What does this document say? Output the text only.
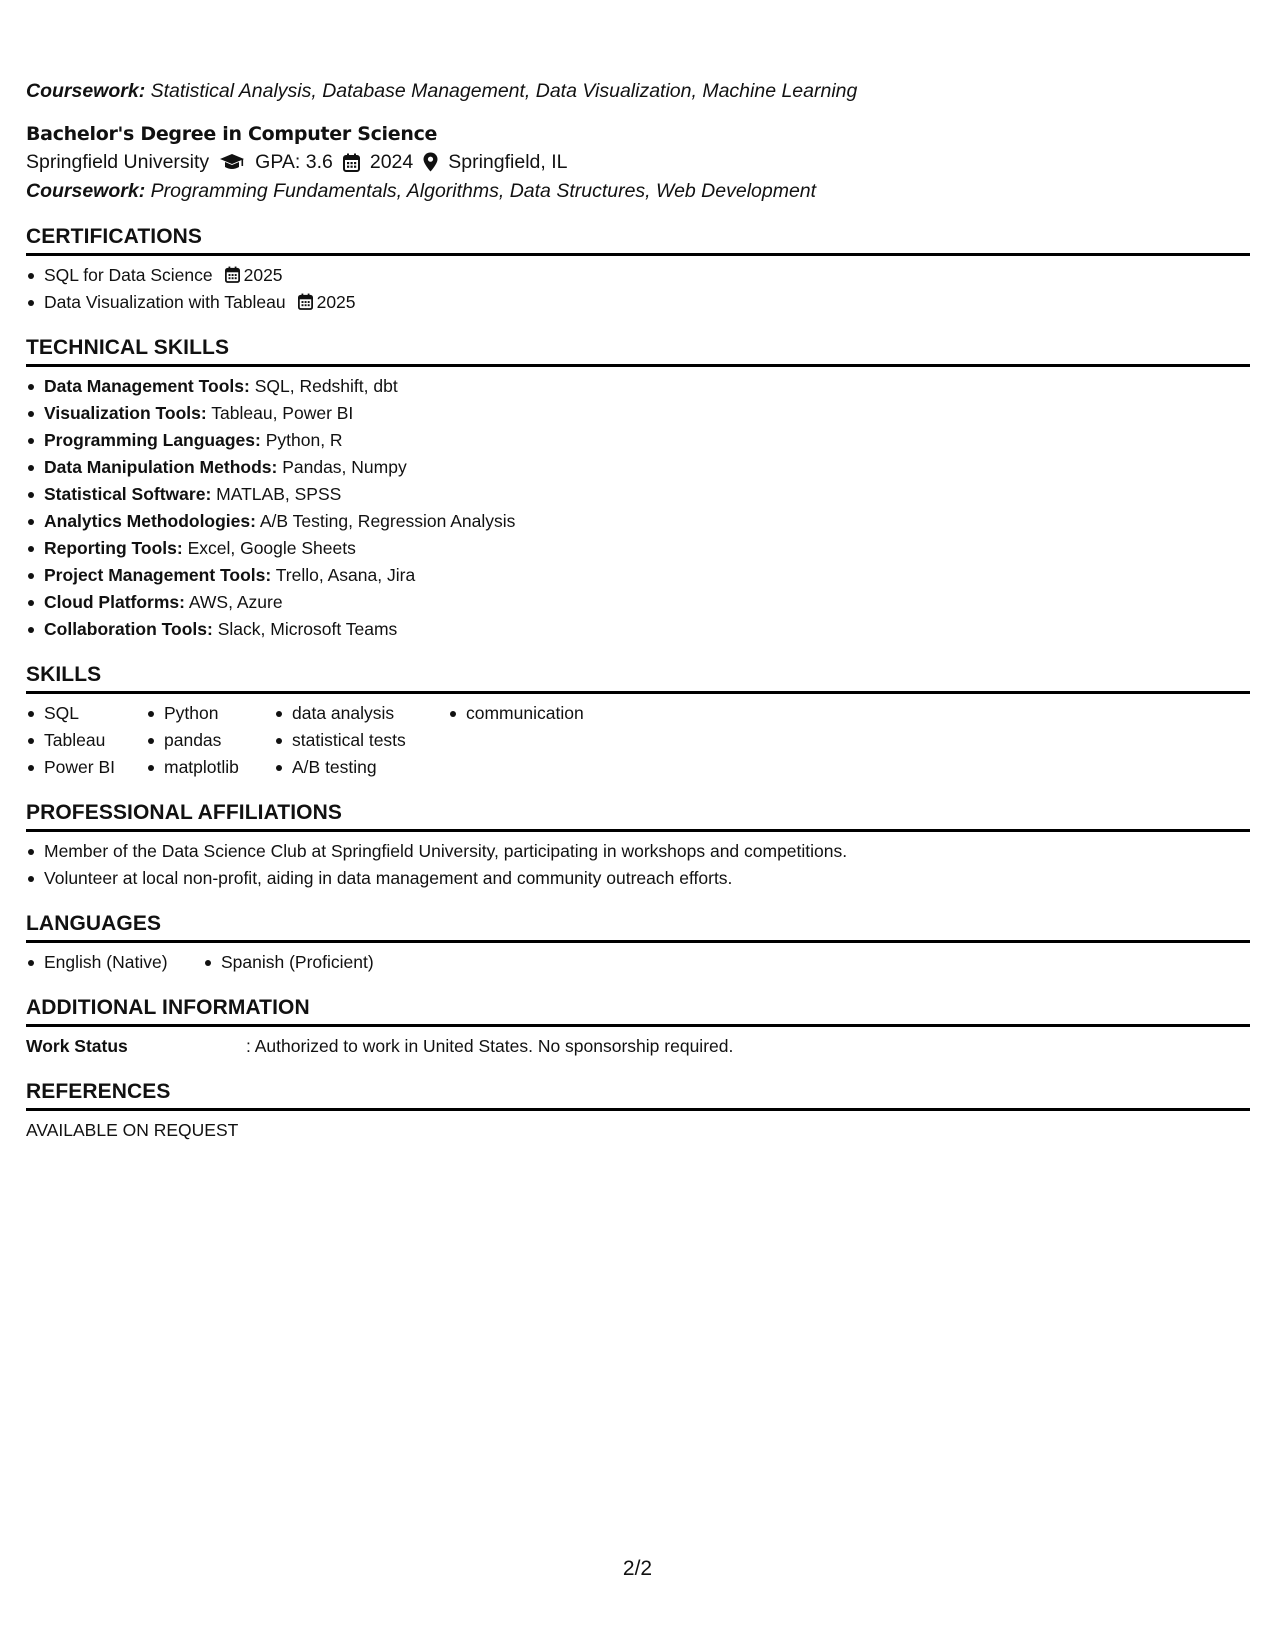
Coursework: Statistical Analysis, Database Management, Data Visualization, Machine Learning

Bachelor's Degree in Computer Science
Springfield University GPA: 3.6 2024 Springfield, IL

Coursework: Programming Fundamentals, Algorithms, Data Structures, Web Development

CERTIFICATIONS
SQL for Data Science 2025
Data Visualization with Tableau 2025
TECHNICAL SKILLS
Data Management Tools: SQL, Redshift, dbt
Visualization Tools: Tableau, Power BI
Programming Languages: Python, R
Data Manipulation Methods: Pandas, Numpy
Statistical Software: MATLAB, SPSS
Analytics Methodologies: A/B Testing, Regression Analysis
Reporting Tools: Excel, Google Sheets
Project Management Tools: Trello, Asana, Jira
Cloud Platforms: AWS, Azure
Collaboration Tools: Slack, Microsoft Teams
SKILLS
SQL
Tableau
Power BI
Python
pandas
matplotlib
data analysis
statistical tests
A/B testing
communication
PROFESSIONAL AFFILIATIONS
Member of the Data Science Club at Springfield University, participating in workshops and competitions.
Volunteer at local non-profit, aiding in data management and community outreach efforts.
LANGUAGES
English (Native)	Spanish (Proficient)
ADDITIONAL INFORMATION
Work Status	: Authorized to work in United States. No sponsorship required.
REFERENCES
AVAILABLE ON REQUEST
2/2
